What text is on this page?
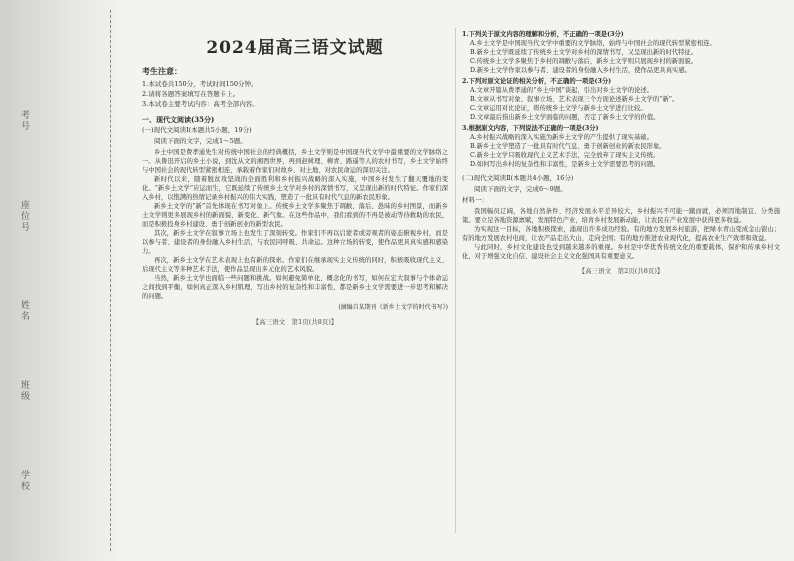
考号
座位号
姓名
班级
学校
2024届高三语文试题
考生注意：
1.本试卷共150分，考试时间150分钟。
2.请将各题答案填写在答题卡上。
3.本试卷主要考试内容：高考全部内容。
一、现代文阅读(35分)
(一)现代文阅读Ⅰ(本题共5小题，19分)
阅读下面的文字，完成1～5题。

乡土中国是费孝通先生对传统中国社会的经典概括，乡土文学则是中国现当代文学中最重要的文学脉络之一。从鲁迅开启的乡土小说，到沈从文的湘西世界，再到赵树理、柳青、路遥等人的农村书写，乡土文学始终与中国社会的现代转型紧密相连，承载着作家们对故乡、对土地、对农民命运的深切关注。

新时代以来，随着脱贫攻坚战的全面胜利和乡村振兴战略的深入实施，中国乡村发生了翻天覆地的变化。“新乡土文学”应运而生，它既延续了传统乡土文学对乡村的深情书写，又呈现出新的时代特征。作家们深入乡村，以饱满的热情记录乡村振兴的伟大实践，塑造了一批具有时代气息的新农民形象。

新乡土文学的“新”首先体现在书写对象上。传统乡土文学多聚焦于凋敝、落后、愚昧的乡村图景，而新乡土文学则更多展现乡村的新面貌、新变化、新气象。在这些作品中，我们看到的不再是被动等待救助的农民，而是积极投身乡村建设、勇于创新创业的新型农民。

其次，新乡土文学在叙事立场上也发生了深刻转变。作家们不再以启蒙者或旁观者的姿态俯视乡村，而是以参与者、建设者的身份融入乡村生活，与农民同呼吸、共命运。这种立场的转变，使作品更具真实感和感染力。

再次，新乡土文学在艺术表现上也有新的探索。作家们在继承现实主义传统的同时，积极吸收现代主义、后现代主义等多种艺术手法，使作品呈现出多元化的艺术风貌。

当然，新乡土文学也面临一些问题和挑战。如何避免简单化、概念化的书写，如何在宏大叙事与个体命运之间找到平衡，如何真正深入乡村肌理，写出乡村的复杂性和丰富性，都是新乡土文学需要进一步思考和解决的问题。

(摘编自某期刊《新乡土文学的时代书写》)
【高三语文　第1页(共8页)】
1.下列关于原文内容的理解和分析，不正确的一项是(3分)
A.乡土文学是中国现当代文学中重要的文学脉络，始终与中国社会的现代转型紧密相连。
B.新乡土文学既延续了传统乡土文学对乡村的深情书写，又呈现出新的时代特征。
C.传统乡土文学多聚焦于乡村的凋敝与落后，新乡土文学则只展现乡村的新面貌。
D.新乡土文学作家以参与者、建设者的身份融入乡村生活，使作品更具真实感。
2.下列对原文论证的相关分析，不正确的一项是(3分)
A.文章开篇从费孝通的“乡土中国”谈起，引出对乡土文学的论述。
B.文章从书写对象、叙事立场、艺术表现三个方面论述新乡土文学的“新”。
C.文章运用对比论证，将传统乡土文学与新乡土文学进行比较。
D.文章最后指出新乡土文学面临的问题，否定了新乡土文学的价值。
3.根据原文内容，下列说法不正确的一项是(3分)
A.乡村振兴战略的深入实施为新乡土文学的产生提供了现实基础。
B.新乡土文学塑造了一批具有时代气息、勇于创新创业的新农民形象。
C.新乡土文学只吸收现代主义艺术手法，完全放弃了现实主义传统。
D.如何写出乡村的复杂性和丰富性，是新乡土文学需要思考的问题。
(二)现代文阅读Ⅱ(本题共4小题，16分)
阅读下面的文字，完成6～9题。
材料一：

我国幅员辽阔，各地自然条件、经济发展水平差异较大，乡村振兴不可能一蹴而就，必须因地制宜、分类施策。要立足各地资源禀赋，发展特色产业，培育乡村发展新动能，让农民在产业发展中获得更多收益。

为实现这一目标，各地积极探索，涌现出许多成功经验。有的地方发展乡村旅游，把绿水青山变成金山银山；有的地方发展农村电商，让农产品走出大山、走向全国；有的地方推进农业现代化，提高农业生产效率和效益。

与此同时，乡村文化建设也受到越来越多的重视。乡村是中华优秀传统文化的重要载体，保护和传承乡村文化，对于增强文化自信、建设社会主义文化强国具有重要意义。

【高三语文　第2页(共8页)】
